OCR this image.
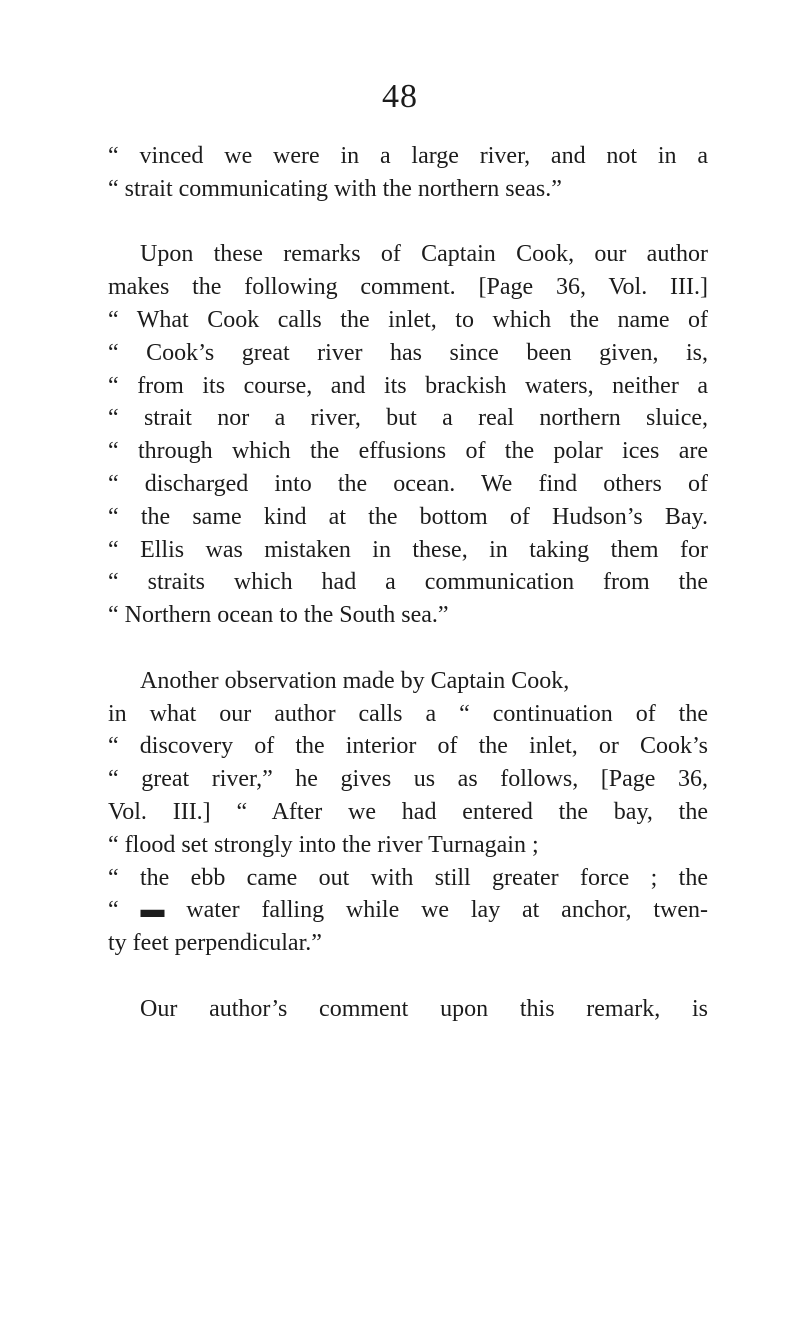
48
“ vinced we were in a large river, and not in a
“ strait communicating with the northern seas.”
Upon these remarks of Captain Cook, our author
makes the following comment. [Page 36, Vol. III.]
“ What Cook calls the inlet, to which the name of
“ Cook’s great river has since been given, is,
“ from its course, and its brackish waters, neither a
“ strait nor a river, but a real northern sluice,
“ through which the effusions of the polar ices are
“ discharged into the ocean. We find others of
“ the same kind at the bottom of Hudson’s Bay.
“ Ellis was mistaken in these, in taking them for
“ straits which had a communication from the
“ Northern ocean to the South sea.”
Another observation made by Captain Cook,
in what our author calls a “ continuation of the
“ discovery of the interior of the inlet, or Cook’s
“ great river,” he gives us as follows, [Page 36,
Vol. III.] “ After we had entered the bay, the
“ flood set strongly into the river Turnagain ;
“ the ebb came out with still greater force ; the
“ ▬ water falling while we lay at anchor, twen-
ty feet perpendicular.”
Our author’s comment upon this remark, is
